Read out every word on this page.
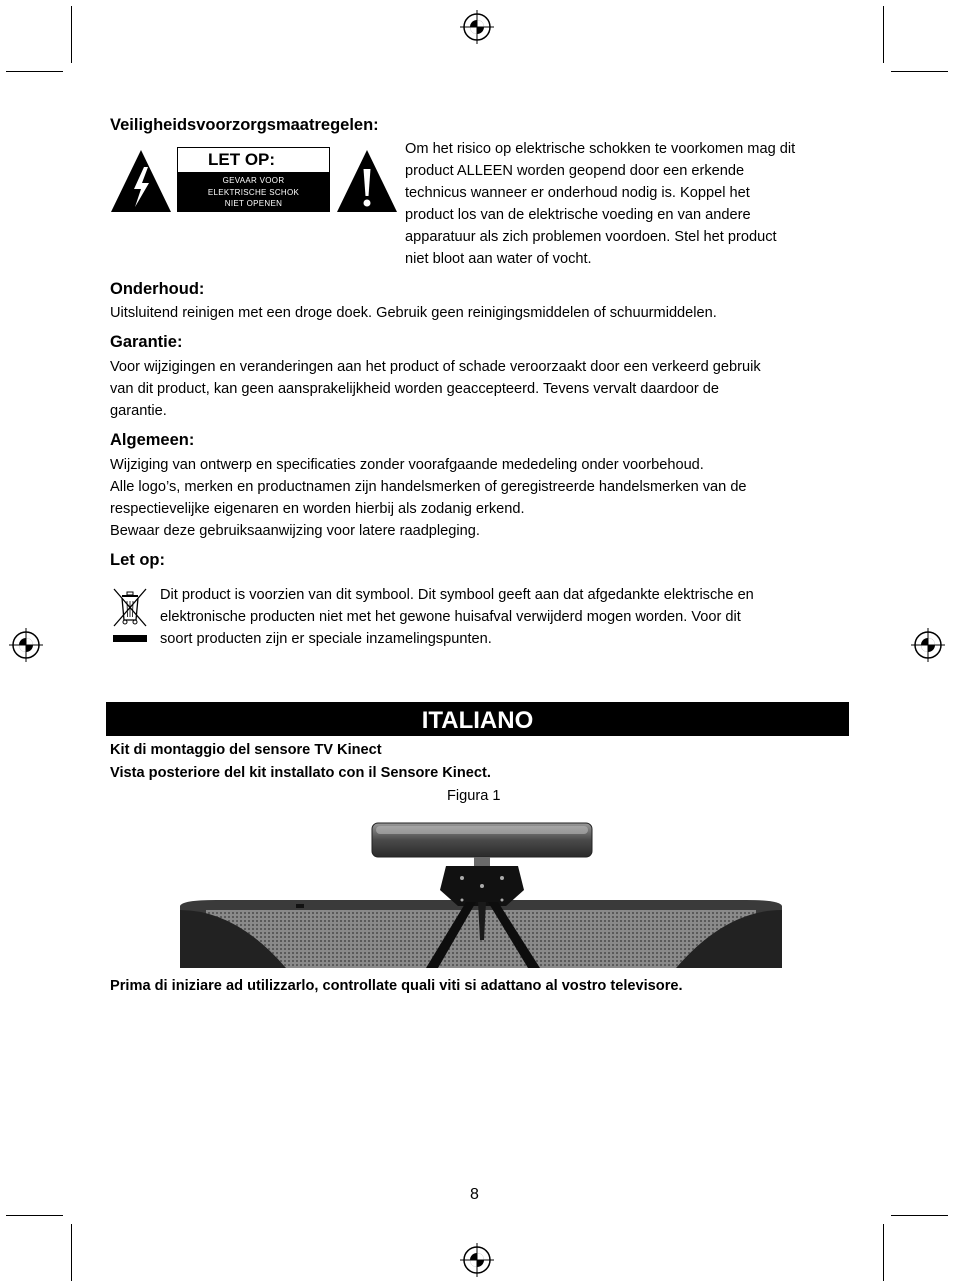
Veiligheidsvoorzorgsmaatregelen:

LET OP:
GEVAAR VOOR
ELEKTRISCHE SCHOK
NIET OPENEN
Om het risico op elektrische schokken te voorkomen mag dit
product ALLEEN worden geopend door een erkende
technicus wanneer er onderhoud nodig is. Koppel het
product los van de elektrische voeding en van andere
apparatuur als zich problemen voordoen. Stel het product
niet bloot aan water of vocht.

Onderhoud:

Uitsluitend reinigen met een droge doek. Gebruik geen reinigingsmiddelen of schuurmiddelen.

Garantie:

Voor wijzigingen en veranderingen aan het product of schade veroorzaakt door een verkeerd gebruik
van dit product, kan geen aansprakelijkheid worden geaccepteerd. Tevens vervalt daardoor de
garantie.

Algemeen:

Wijziging van ontwerp en specificaties zonder voorafgaande mededeling onder voorbehoud.
Alle logo’s, merken en productnamen zijn handelsmerken of geregistreerde handelsmerken van de
respectievelijke eigenaren en worden hierbij als zodanig erkend.
Bewaar deze gebruiksaanwijzing voor latere raadpleging.

Let op:

Dit product is voorzien van dit symbool. Dit symbool geeft aan dat afgedankte elektrische en
elektronische producten niet met het gewone huisafval verwijderd mogen worden. Voor dit
soort producten zijn er speciale inzamelingspunten.
ITALIANO
Kit di montaggio del sensore TV Kinect
Vista posteriore del kit installato con il Sensore Kinect.
Figura 1
Prima di iniziare ad utilizzarlo, controllate quali viti si adattano al vostro televisore.
8
